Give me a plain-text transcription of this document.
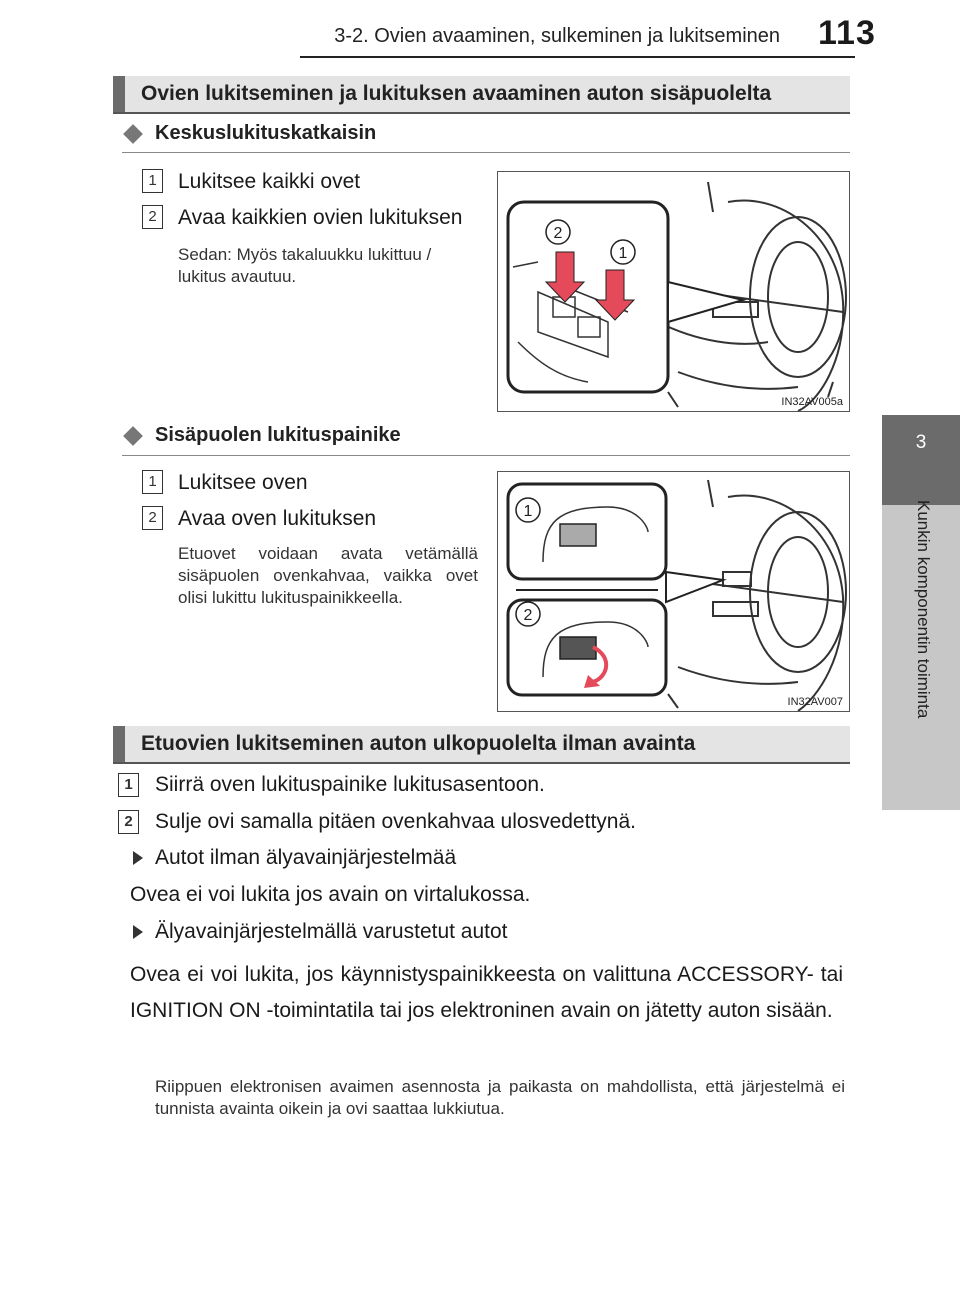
3-2. Ovien avaaminen, sulkeminen ja lukitseminen 113
3
Kunkin komponentin toiminta
Ovien lukitseminen ja lukituksen avaaminen auton sisäpuolelta
Keskuslukituskatkaisin
1	Lukitsee kaikki ovet
2	Avaa kaikkien ovien lukituksen
Sedan: Myös takaluukku lukittuu / lukitus avautuu.
2
1
IN32AV005a
Sisäpuolen lukituspainike
1	Lukitsee oven
2	Avaa oven lukituksen
Etuovet voidaan avata vetämällä sisäpuolen ovenkahvaa, vaikka ovet olisi lukittu lukituspainikkeella.
1
2
IN32AV007
Etuovien lukitseminen auton ulkopuolelta ilman avainta
1	Siirrä oven lukituspainike lukitusasentoon.
2	Sulje ovi samalla pitäen ovenkahvaa ulosvedettynä.
Autot ilman älyavainjärjestelmää
Ovea ei voi lukita jos avain on virtalukossa.
Älyavainjärjestelmällä varustetut autot
Ovea ei voi lukita, jos käynnistyspainikkeesta on valittuna ACCESSORY- tai IGNITION ON -toimintatila tai jos elektroninen avain on jätetty auton sisään.
Riippuen elektronisen avaimen asennosta ja paikasta on mahdollista, että järjestelmä ei tunnista avainta oikein ja ovi saattaa lukkiutua.
